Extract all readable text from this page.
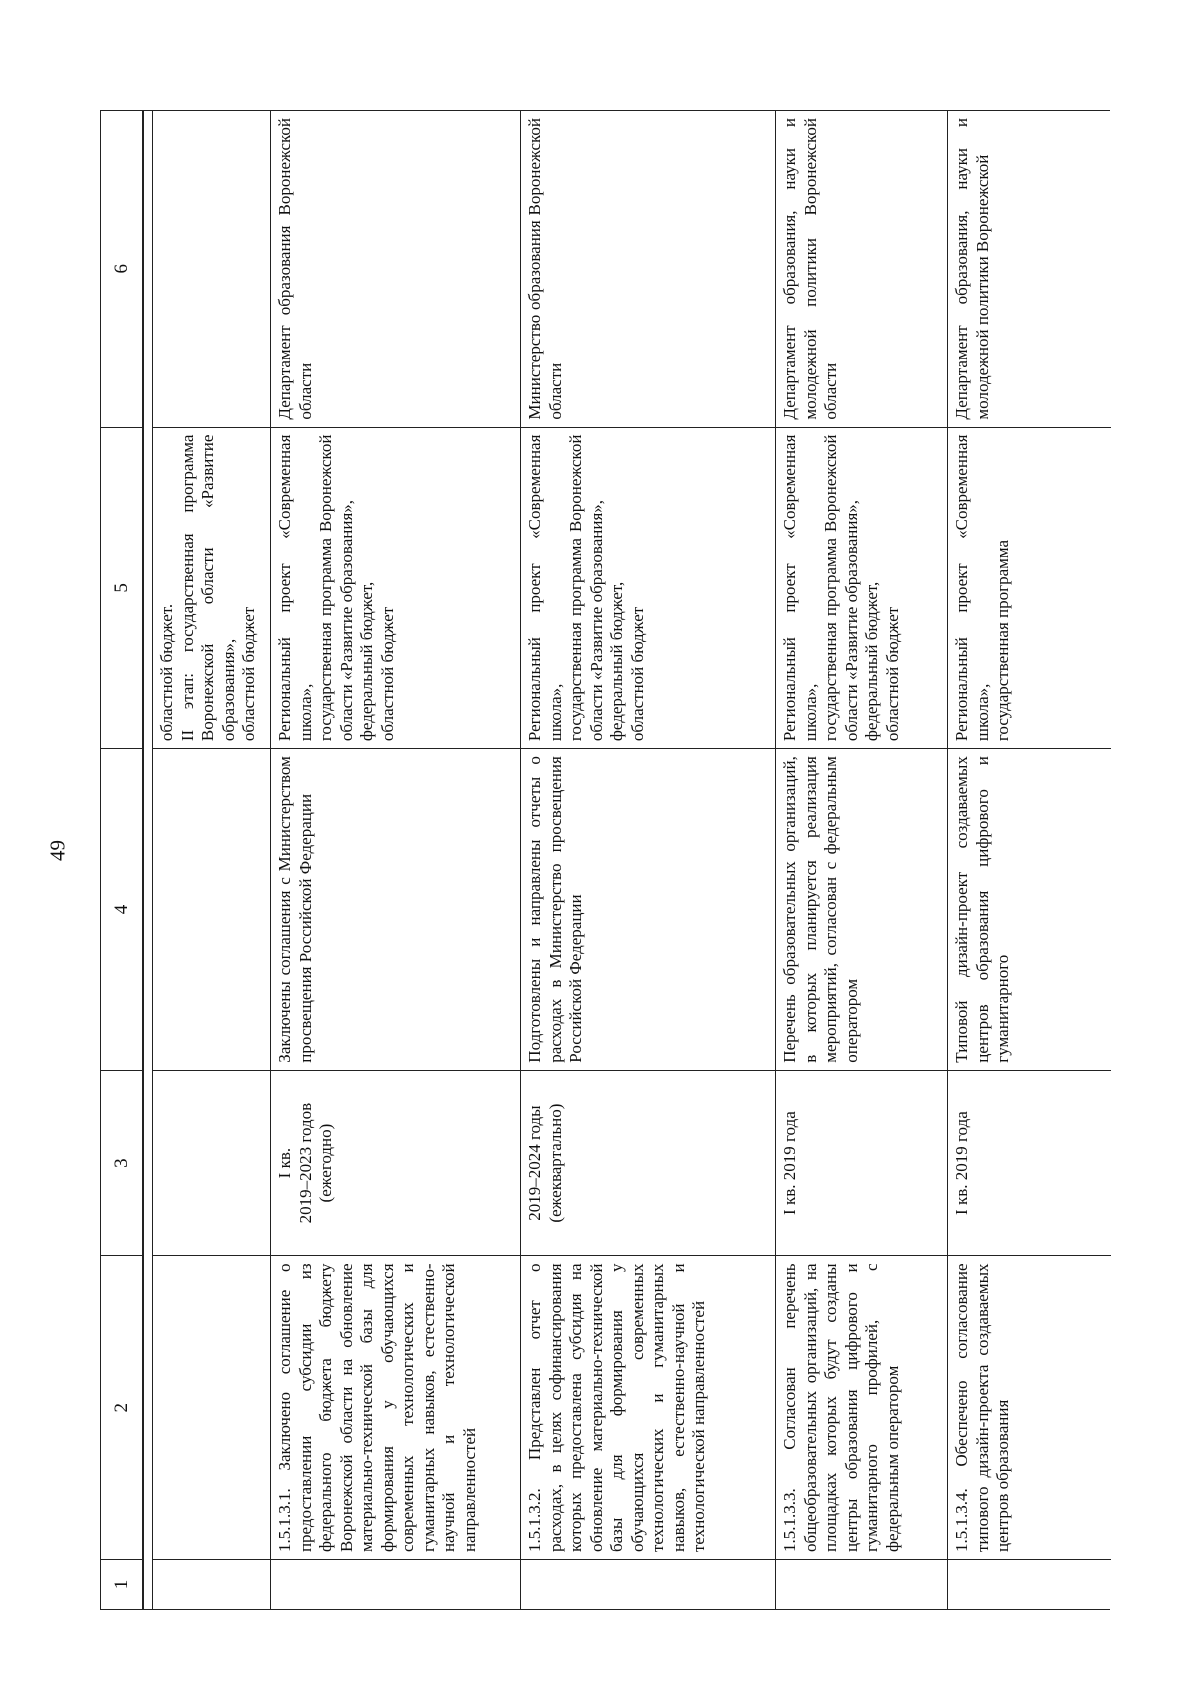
49
1
2
3
4
5
6
областной бюджет.
II этап: государственная программа Воронежской области «Развитие образования»,
областной бюджет
1.5.1.3.1. Заключено соглашение о предоставлении субсидии из федерального бюджета бюджету Воронежской области на обновление материально-технической базы для формирования у обучающихся современных технологических и гуманитарных навыков, естественно-научной и технологической направленностей
I кв.
2019–2023 годов
(ежегодно)
Заключены соглашения с Министерством просвещения Российской Федерации
Региональный проект «Современная школа»,
государственная программа Воронежской области «Развитие образования»,
федеральный бюджет,
областной бюджет
Департамент образования Воронежской области
1.5.1.3.2. Представлен отчет о расходах, в целях софинансирования которых предоставлена субсидия на обновление материально-технической базы для формирования у обучающихся современных технологических и гуманитарных навыков, естественно-научной и технологической направленностей
2019–2024 годы
(ежеквартально)
Подготовлены и направлены отчеты о расходах в Министерство просвещения Российской Федерации
Региональный проект «Современная школа»,
государственная программа Воронежской области «Развитие образования»,
федеральный бюджет,
областной бюджет
Министерство образования Воронежской области
1.5.1.3.3. Согласован перечень общеобразовательных организаций, на площадках которых будут созданы центры образования цифрового и гуманитарного профилей, с федеральным оператором
I кв. 2019 года
Перечень образовательных организаций, в которых планируется реализация мероприятий, согласован с федеральным оператором
Региональный проект «Современная школа»,
государственная программа Воронежской области «Развитие образования»,
федеральный бюджет,
областной бюджет
Департамент образования, науки и молодежной политики Воронежской области
1.5.1.3.4. Обеспечено согласование типового дизайн-проекта создаваемых центров образования
I кв. 2019 года
Типовой дизайн-проект создаваемых центров образования цифрового и гуманитарного
Региональный проект «Современная школа»,
государственная программа
Департамент образования, науки и молодежной политики Воронежской
